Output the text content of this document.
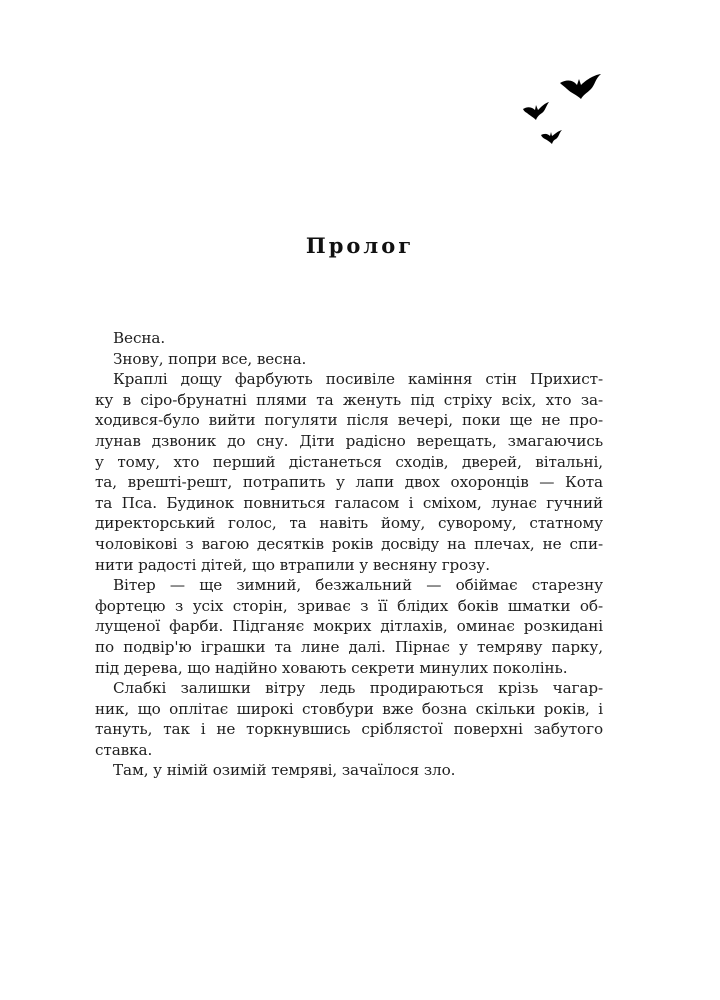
Пролог
Весна.
Знову, попри все, весна.
Краплі дощу фарбують посивіле каміння стін Прихист-
ку в сіро-брунатні плями та женуть під стріху всіх, хто за-
ходився-було вийти погуляти після вечері, поки ще не про-
лунав дзвоник до сну. Діти радісно верещать, змагаючись
у тому, хто перший дістанеться сходів, дверей, вітальні,
та, врешті-решт, потрапить у лапи двох охоронців — Кота
та Пса. Будинок повниться галасом і сміхом, лунає гучний
директорський голос, та навіть йому, суворому, статному
чоловікові з вагою десятків років досвіду на плечах, не спи-
нити радості дітей, що втрапили у весняну грозу.
Вітер — ще зимний, безжальний — обіймає старезну
фортецю з усіх сторін, зриває з її блідих боків шматки об-
лущеної фарби. Підганяє мокрих дітлахів, оминає розкидані
по подвір'ю іграшки та лине далі. Пірнає у темряву парку,
під дерева, що надійно ховають секрети минулих поколінь.
Слабкі залишки вітру ледь продираються крізь чагар-
ник, що оплітає широкі стовбури вже бозна скільки років, і
тануть, так і не торкнувшись сріблястої поверхні забутого
ставка.
Там, у німій озимій темряві, зачаїлося зло.
